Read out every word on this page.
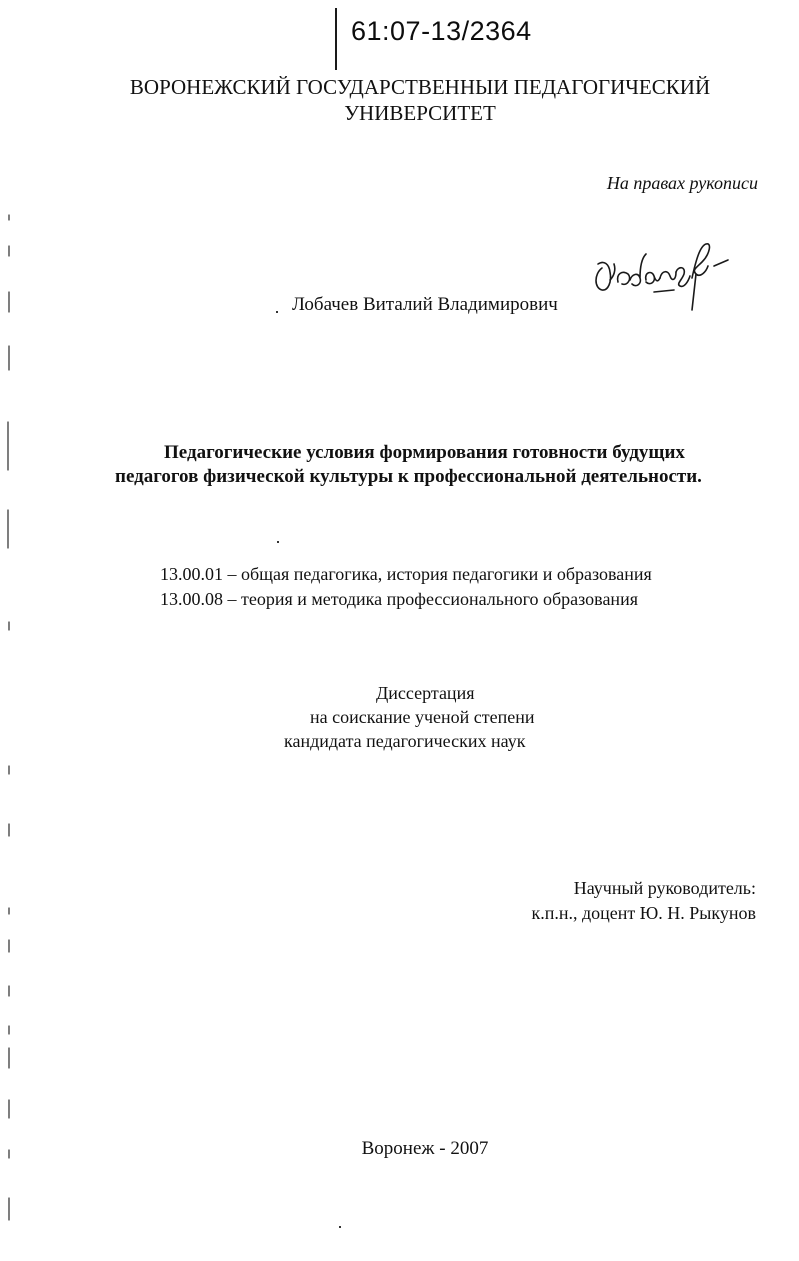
61:07-13/2364
ВОРОНЕЖСКИЙ ГОСУДАРСТВЕННЫИ ПЕДАГОГИЧЕСКИЙ
УНИВЕРСИТЕТ
На правах рукописи
Лобачев Виталий Владимирович
Педагогические условия формирования готовности будущих
педагогов физической культуры к профессиональной деятельности.
13.00.01 – общая педагогика, история педагогики и образования
13.00.08 – теория и методика профессионального образования
Диссертация
на соискание ученой степени
кандидата педагогических наук
Научный руководитель:
к.п.н., доцент Ю. Н. Рыкунов
Воронеж - 2007
